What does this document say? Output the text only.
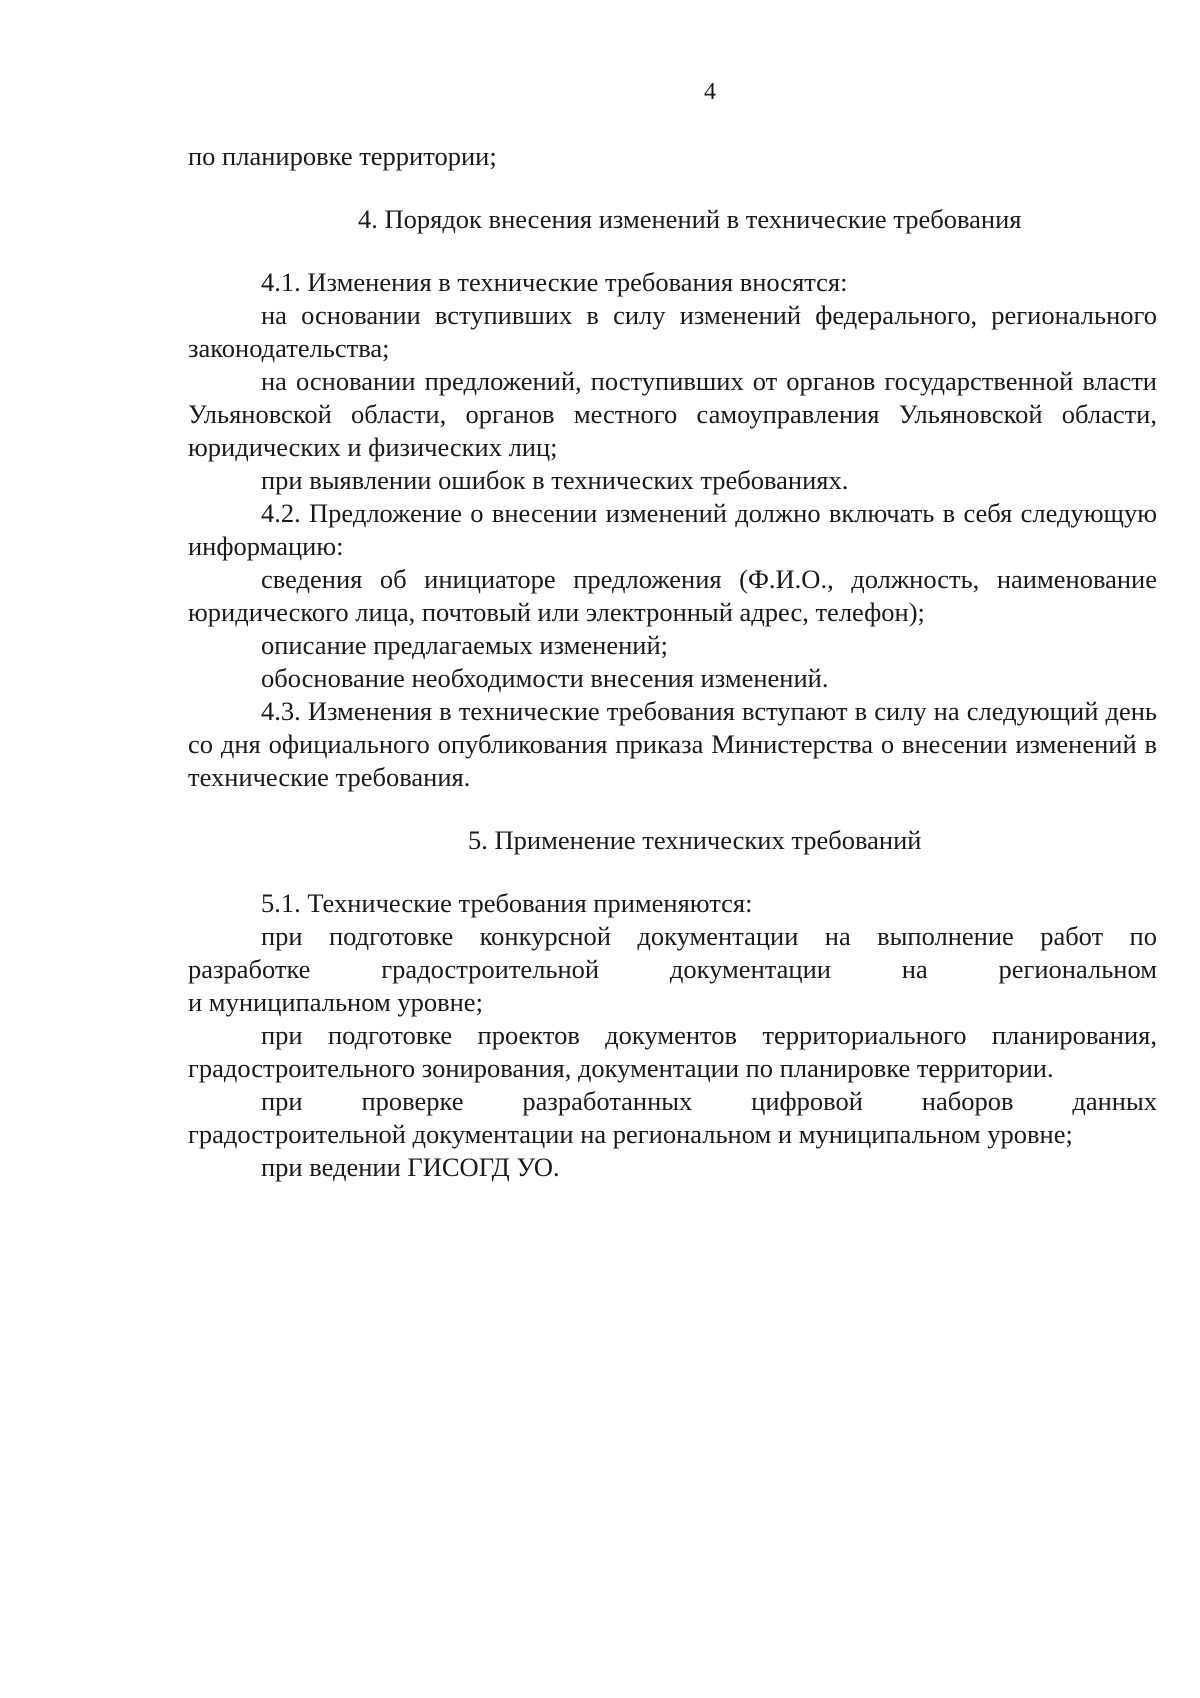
4

по планировке территории;

4. Порядок внесения изменений в технические требования

4.1. Изменения в технические требования вносятся:

на основании вступивших в силу изменений федерального, регионального законодательства;

на основании предложений, поступивших от органов государственной власти Ульяновской области, органов местного самоуправления Ульяновской области, юридических и физических лиц;

при выявлении ошибок в технических требованиях.

4.2. Предложение о внесении изменений должно включать в себя следующую информацию:

сведения об инициаторе предложения (Ф.И.О., должность, наименование юридического лица, почтовый или электронный адрес, телефон);

описание предлагаемых изменений;

обоснование необходимости внесения изменений.

4.3. Изменения в технические требования вступают в силу на следующий день со дня официального опубликования приказа Министерства о внесении изменений в технические требования.

5. Применение технических требований

5.1. Технические требования применяются:

при подготовке конкурсной документации на выполнение работ по

разработке градостроительной документации на региональном

и муниципальном уровне;

при подготовке проектов документов территориального планирования, градостроительного зонирования, документации по планировке территории.

при проверке разработанных цифровой наборов данных

градостроительной документации на региональном и муниципальном уровне;

при ведении ГИСОГД УО.
